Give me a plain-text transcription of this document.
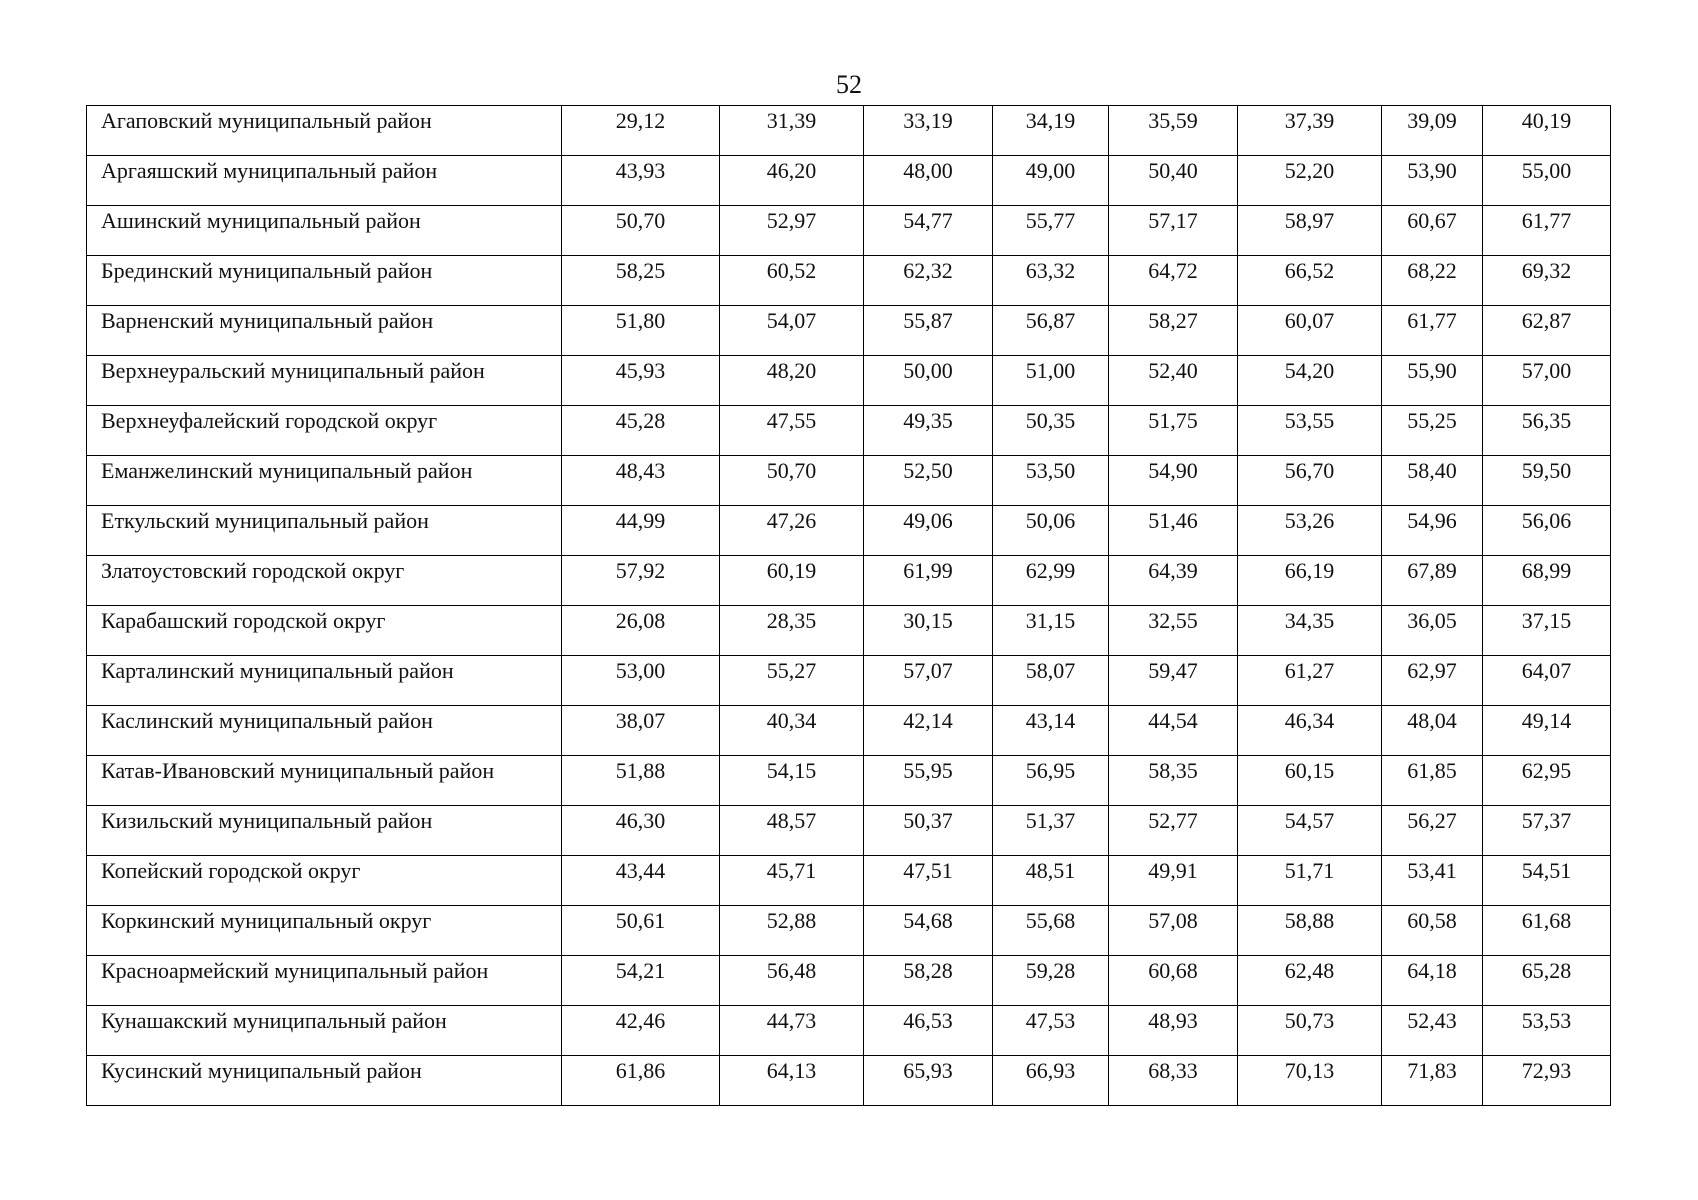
52
Агаповский муниципальный район	29,12	31,39	33,19	34,19	35,59	37,39	39,09	40,19
Аргаяшский муниципальный район	43,93	46,20	48,00	49,00	50,40	52,20	53,90	55,00
Ашинский муниципальный район	50,70	52,97	54,77	55,77	57,17	58,97	60,67	61,77
Брединский муниципальный район	58,25	60,52	62,32	63,32	64,72	66,52	68,22	69,32
Варненский муниципальный район	51,80	54,07	55,87	56,87	58,27	60,07	61,77	62,87
Верхнеуральский муниципальный район	45,93	48,20	50,00	51,00	52,40	54,20	55,90	57,00
Верхнеуфалейский городской округ	45,28	47,55	49,35	50,35	51,75	53,55	55,25	56,35
Еманжелинский муниципальный район	48,43	50,70	52,50	53,50	54,90	56,70	58,40	59,50
Еткульский муниципальный район	44,99	47,26	49,06	50,06	51,46	53,26	54,96	56,06
Златоустовский городской округ	57,92	60,19	61,99	62,99	64,39	66,19	67,89	68,99
Карабашский городской округ	26,08	28,35	30,15	31,15	32,55	34,35	36,05	37,15
Карталинский муниципальный район	53,00	55,27	57,07	58,07	59,47	61,27	62,97	64,07
Каслинский муниципальный район	38,07	40,34	42,14	43,14	44,54	46,34	48,04	49,14
Катав-Ивановский муниципальный район	51,88	54,15	55,95	56,95	58,35	60,15	61,85	62,95
Кизильский муниципальный район	46,30	48,57	50,37	51,37	52,77	54,57	56,27	57,37
Копейский городской округ	43,44	45,71	47,51	48,51	49,91	51,71	53,41	54,51
Коркинский муниципальный округ	50,61	52,88	54,68	55,68	57,08	58,88	60,58	61,68
Красноармейский муниципальный район	54,21	56,48	58,28	59,28	60,68	62,48	64,18	65,28
Кунашакский муниципальный район	42,46	44,73	46,53	47,53	48,93	50,73	52,43	53,53
Кусинский муниципальный район	61,86	64,13	65,93	66,93	68,33	70,13	71,83	72,93
